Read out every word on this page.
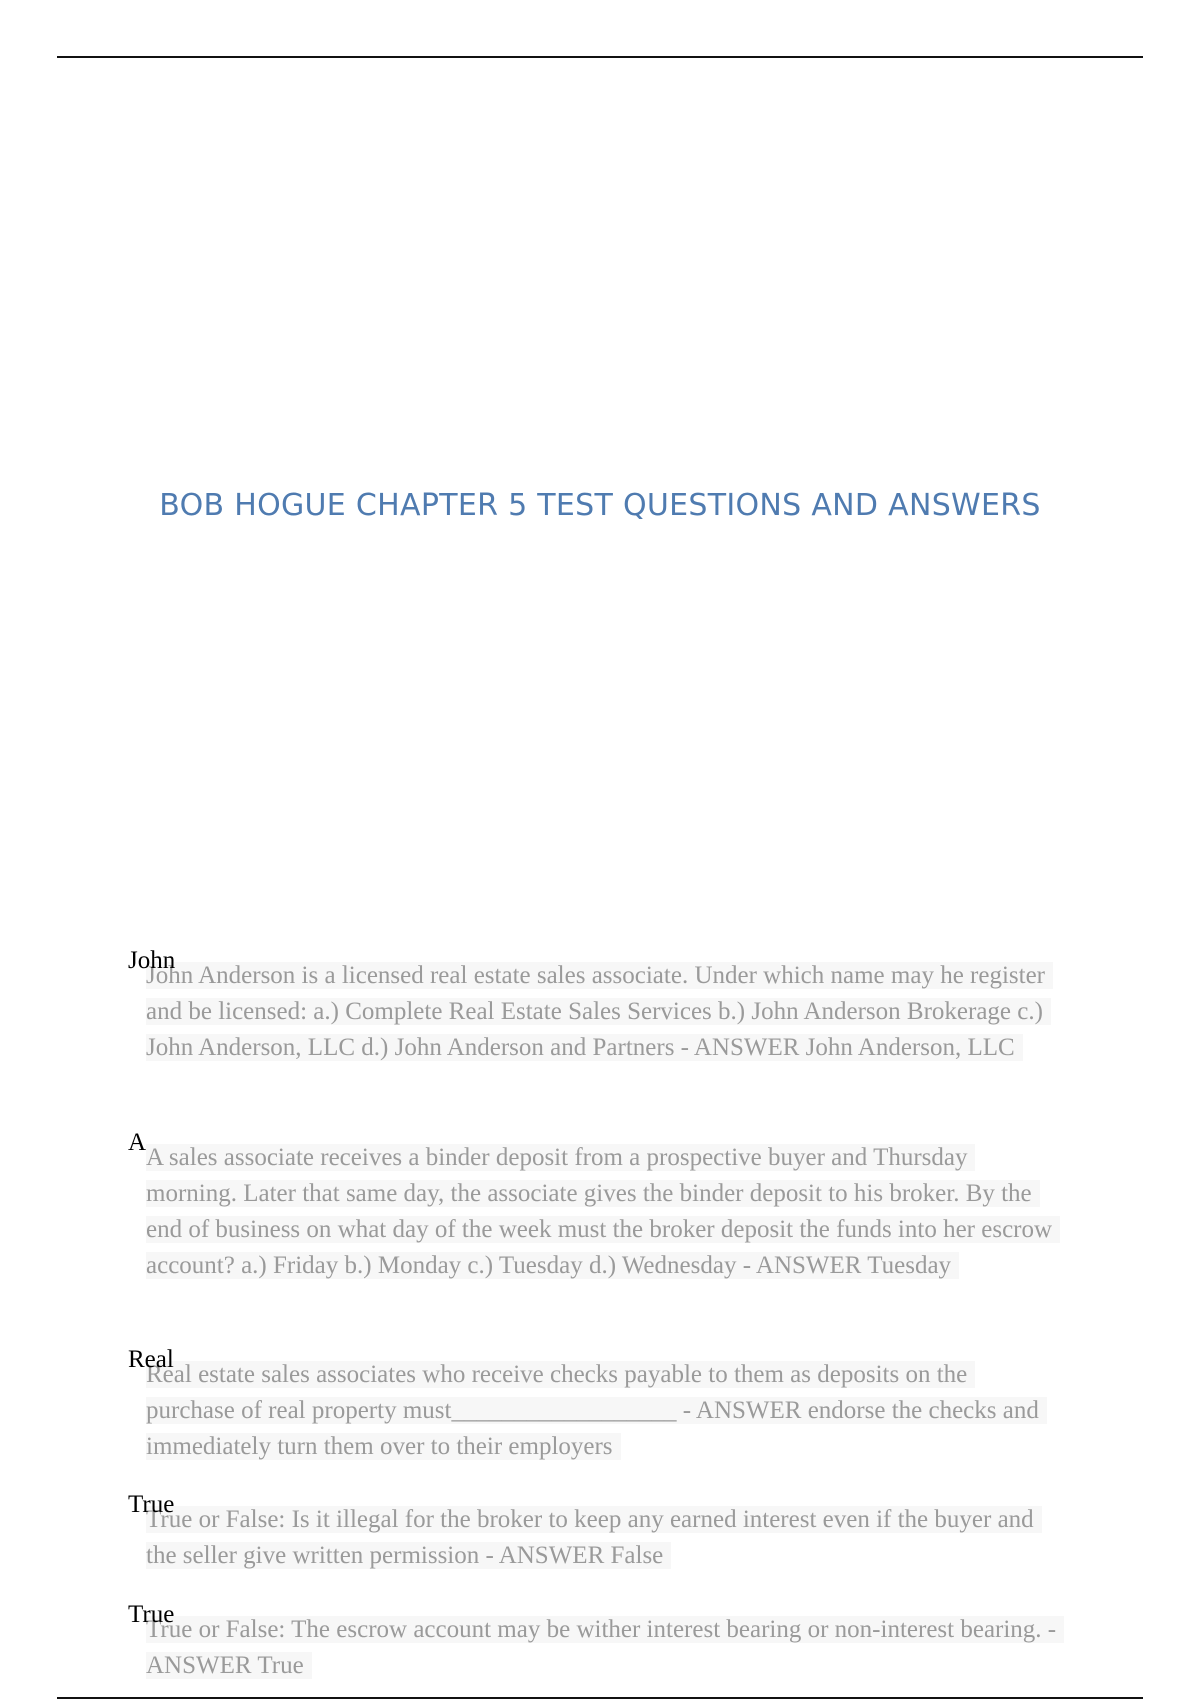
BOB HOGUE CHAPTER 5 TEST QUESTIONS AND ANSWERS
John
John Anderson is a licensed real estate sales associate. Under which name may he register and be licensed: a.) Complete Real Estate Sales Services b.) John Anderson Brokerage c.) John Anderson, LLC d.) John Anderson and Partners - ANSWER John Anderson, LLC
A
A sales associate receives a binder deposit from a prospective buyer and Thursday morning. Later that same day, the associate gives the binder deposit to his broker. By the end of business on what day of the week must the broker deposit the funds into her escrow account? a.) Friday b.) Monday c.) Tuesday d.) Wednesday - ANSWER Tuesday
Real
Real estate sales associates who receive checks payable to them as deposits on the purchase of real property must__________________ - ANSWER endorse the checks and immediately turn them over to their employers
True
True or False: Is it illegal for the broker to keep any earned interest even if the buyer and the seller give written permission - ANSWER False
True
True or False: The escrow account may be wither interest bearing or non-interest bearing. - ANSWER True
